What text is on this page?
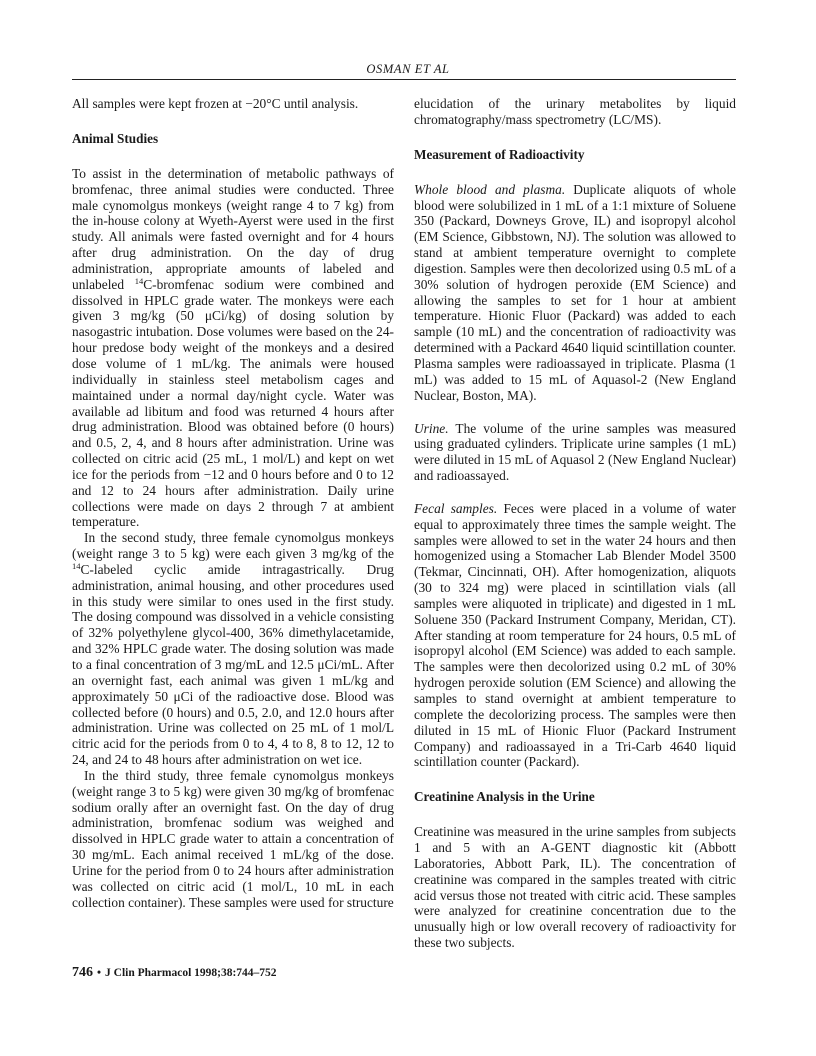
OSMAN ET AL

All samples were kept frozen at −20°C until analysis.

Animal Studies

To assist in the determination of metabolic pathways of bromfenac, three animal studies were conducted. Three male cynomolgus monkeys (weight range 4 to 7 kg) from the in-house colony at Wyeth-Ayerst were used in the first study. All animals were fasted overnight and for 4 hours after drug administration. On the day of drug administration, appropriate amounts of labeled and unlabeled $^{14}$C-bromfenac sodium were combined and dissolved in HPLC grade water. The monkeys were each given 3 mg/kg (50 μCi/kg) of dosing solution by nasogastric intubation. Dose volumes were based on the 24-hour predose body weight of the monkeys and a desired dose volume of 1 mL/kg. The animals were housed individually in stainless steel metabolism cages and maintained under a normal day/night cycle. Water was available ad libitum and food was returned 4 hours after drug administration. Blood was obtained before (0 hours) and 0.5, 2, 4, and 8 hours after administration. Urine was collected on citric acid (25 mL, 1 mol/L) and kept on wet ice for the periods from −12 and 0 hours before and 0 to 12 and 12 to 24 hours after administration. Daily urine collections were made on days 2 through 7 at ambient temperature.

In the second study, three female cynomolgus monkeys (weight range 3 to 5 kg) were each given 3 mg/kg of the $^{14}$C-labeled cyclic amide intragastrically. Drug administration, animal housing, and other procedures used in this study were similar to ones used in the first study. The dosing compound was dissolved in a vehicle consisting of 32% polyethylene glycol-400, 36% dimethylacetamide, and 32% HPLC grade water. The dosing solution was made to a final concentration of 3 mg/mL and 12.5 μCi/mL. After an overnight fast, each animal was given 1 mL/kg and approximately 50 μCi of the radioactive dose. Blood was collected before (0 hours) and 0.5, 2.0, and 12.0 hours after administration. Urine was collected on 25 mL of 1 mol/L citric acid for the periods from 0 to 4, 4 to 8, 8 to 12, 12 to 24, and 24 to 48 hours after administration on wet ice.

In the third study, three female cynomolgus monkeys (weight range 3 to 5 kg) were given 30 mg/kg of bromfenac sodium orally after an overnight fast. On the day of drug administration, bromfenac sodium was weighed and dissolved in HPLC grade water to attain a concentration of 30 mg/mL. Each animal received 1 mL/kg of the dose. Urine for the period from 0 to 24 hours after administration was collected on citric acid (1 mol/L, 10 mL in each collection container). These samples were used for structure

elucidation of the urinary metabolites by liquid chromatography/mass spectrometry (LC/MS).

Measurement of Radioactivity

Whole blood and plasma. Duplicate aliquots of whole blood were solubilized in 1 mL of a 1:1 mixture of Soluene 350 (Packard, Downeys Grove, IL) and isopropyl alcohol (EM Science, Gibbstown, NJ). The solution was allowed to stand at ambient temperature overnight to complete digestion. Samples were then decolorized using 0.5 mL of a 30% solution of hydrogen peroxide (EM Science) and allowing the samples to set for 1 hour at ambient temperature. Hionic Fluor (Packard) was added to each sample (10 mL) and the concentration of radioactivity was determined with a Packard 4640 liquid scintillation counter. Plasma samples were radioassayed in triplicate. Plasma (1 mL) was added to 15 mL of Aquasol-2 (New England Nuclear, Boston, MA).

Urine. The volume of the urine samples was measured using graduated cylinders. Triplicate urine samples (1 mL) were diluted in 15 mL of Aquasol 2 (New England Nuclear) and radioassayed.

Fecal samples. Feces were placed in a volume of water equal to approximately three times the sample weight. The samples were allowed to set in the water 24 hours and then homogenized using a Stomacher Lab Blender Model 3500 (Tekmar, Cincinnati, OH). After homogenization, aliquots (30 to 324 mg) were placed in scintillation vials (all samples were aliquoted in triplicate) and digested in 1 mL Soluene 350 (Packard Instrument Company, Meridan, CT). After standing at room temperature for 24 hours, 0.5 mL of isopropyl alcohol (EM Science) was added to each sample. The samples were then decolorized using 0.2 mL of 30% hydrogen peroxide solution (EM Science) and allowing the samples to stand overnight at ambient temperature to complete the decolorizing process. The samples were then diluted in 15 mL of Hionic Fluor (Packard Instrument Company) and radioassayed in a Tri-Carb 4640 liquid scintillation counter (Packard).

Creatinine Analysis in the Urine

Creatinine was measured in the urine samples from subjects 1 and 5 with an A-GENT diagnostic kit (Abbott Laboratories, Abbott Park, IL). The concentration of creatinine was compared in the samples treated with citric acid versus those not treated with citric acid. These samples were analyzed for creatinine concentration due to the unusually high or low overall recovery of radioactivity for these two subjects.

746 • J Clin Pharmacol 1998;38:744–752
